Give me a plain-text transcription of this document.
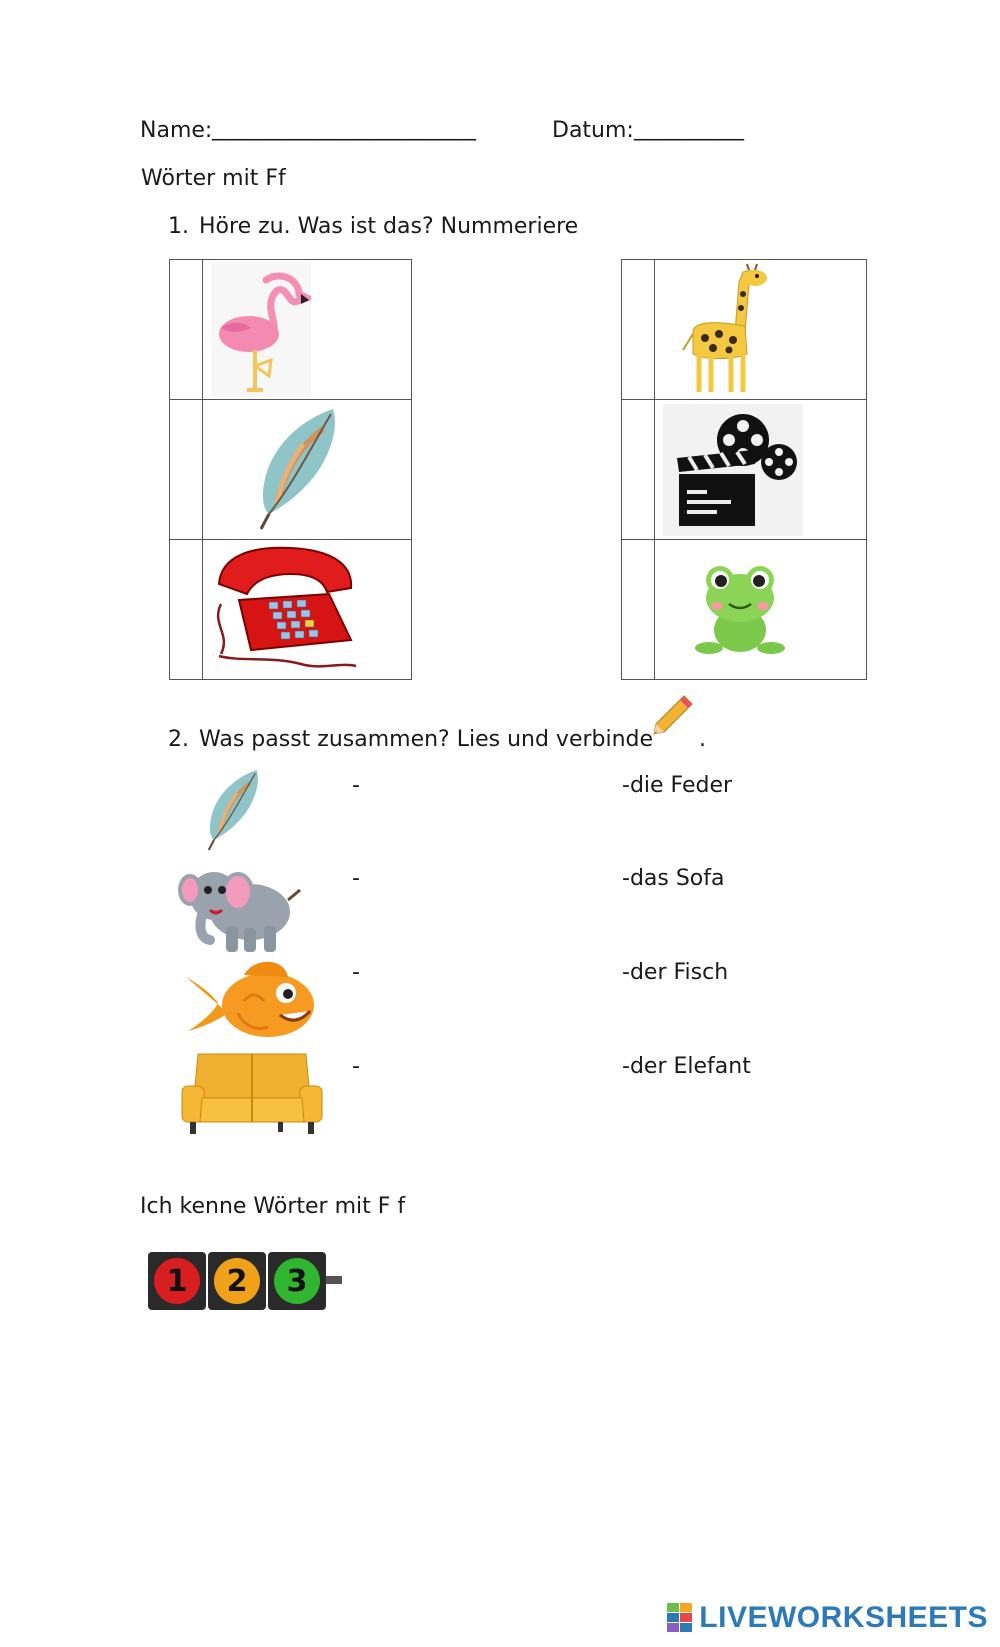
Name: ________________________	Datum: __________
Wörter mit Ff
1. Höre zu. Was ist das? Nummeriere

2. Was passt zusammen? Lies und verbinde .
-	-die Feder
-	-das Sofa
-	-der Fisch
-	-der Elefant
Ich kenne Wörter mit F f
1	2	3
LIVEWORKSHEETS
